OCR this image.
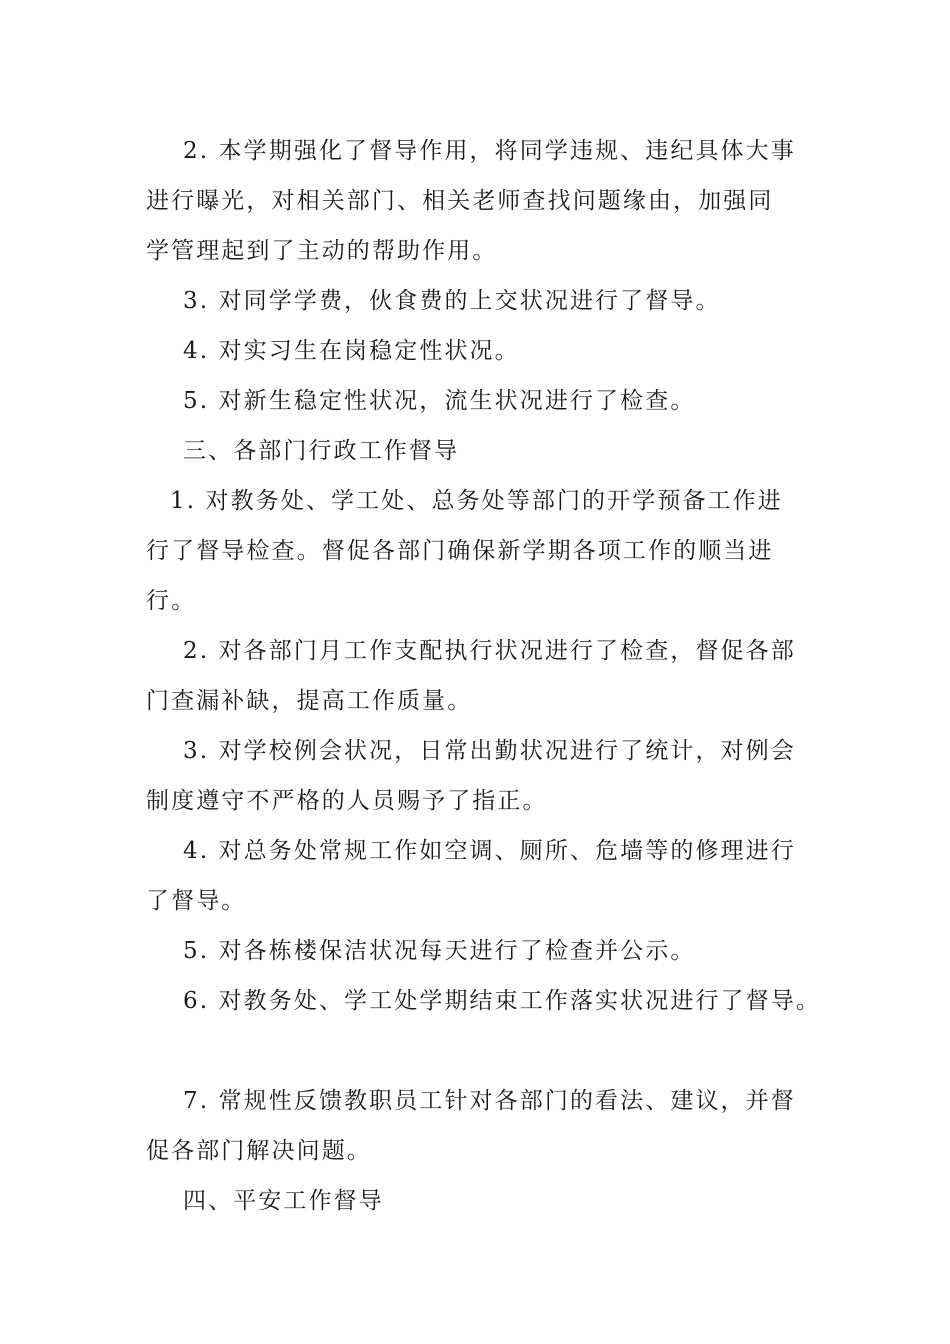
2. 本学期强化了督导作用，将同学违规、违纪具体大事
进行曝光，对相关部门、相关老师查找问题缘由，加强同
学管理起到了主动的帮助作用。
3. 对同学学费，伙食费的上交状况进行了督导。
4. 对实习生在岗稳定性状况。
5. 对新生稳定性状况，流生状况进行了检查。
三、各部门行政工作督导
1. 对教务处、学工处、总务处等部门的开学预备工作进
行了督导检查。督促各部门确保新学期各项工作的顺当进
行。
2. 对各部门月工作支配执行状况进行了检查，督促各部
门查漏补缺，提高工作质量。
3. 对学校例会状况，日常出勤状况进行了统计，对例会
制度遵守不严格的人员赐予了指正。
4. 对总务处常规工作如空调、厕所、危墙等的修理进行
了督导。
5. 对各栋楼保洁状况每天进行了检查并公示。
6. 对教务处、学工处学期结束工作落实状况进行了督导。
7. 常规性反馈教职员工针对各部门的看法、建议，并督
促各部门解决问题。
四、平安工作督导
